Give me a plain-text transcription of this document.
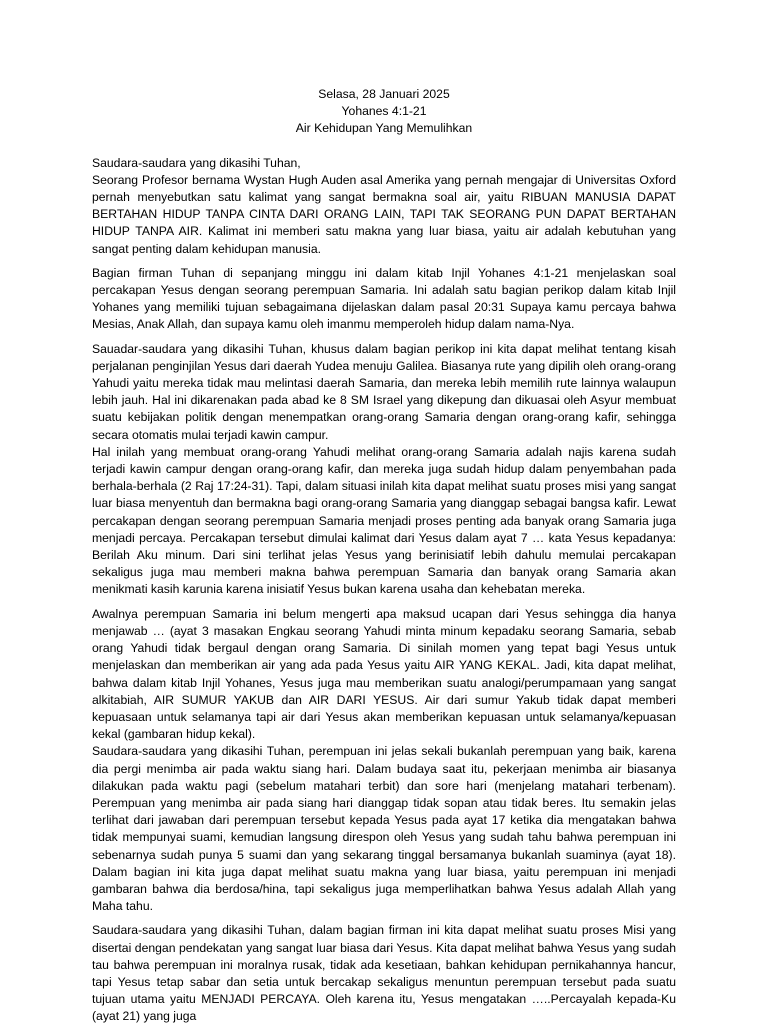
Selasa, 28 Januari 2025
Yohanes 4:1-21
Air Kehidupan Yang Memulihkan

Saudara-saudara yang dikasihi Tuhan,

Seorang Profesor bernama Wystan Hugh Auden asal Amerika yang pernah mengajar di Universitas Oxford pernah menyebutkan satu kalimat yang sangat bermakna soal air, yaitu RIBUAN MANUSIA DAPAT BERTAHAN HIDUP TANPA CINTA DARI ORANG LAIN, TAPI TAK SEORANG PUN DAPAT BERTAHAN HIDUP TANPA AIR. Kalimat ini memberi satu makna yang luar biasa, yaitu air adalah kebutuhan yang sangat penting dalam kehidupan manusia.

Bagian firman Tuhan di sepanjang minggu ini dalam kitab Injil Yohanes 4:1-21 menjelaskan soal percakapan Yesus dengan seorang perempuan Samaria. Ini adalah satu bagian perikop dalam kitab Injil Yohanes yang memiliki tujuan sebagaimana dijelaskan dalam pasal 20:31 Supaya kamu percaya bahwa Mesias, Anak Allah, dan supaya kamu oleh imanmu memperoleh hidup dalam nama-Nya.

Sauadar-saudara yang dikasihi Tuhan, khusus dalam bagian perikop ini kita dapat melihat tentang kisah perjalanan penginjilan Yesus dari daerah Yudea menuju Galilea. Biasanya rute yang dipilih oleh orang-orang Yahudi yaitu mereka tidak mau melintasi daerah Samaria, dan mereka lebih memilih rute lainnya walaupun lebih jauh. Hal ini dikarenakan pada abad ke 8 SM Israel yang dikepung dan dikuasai oleh Asyur membuat suatu kebijakan politik dengan menempatkan orang-orang Samaria dengan orang-orang kafir, sehingga secara otomatis mulai terjadi kawin campur.

Hal inilah yang membuat orang-orang Yahudi melihat orang-orang Samaria adalah najis karena sudah terjadi kawin campur dengan orang-orang kafir, dan mereka juga sudah hidup dalam penyembahan pada berhala-berhala (2 Raj 17:24-31). Tapi, dalam situasi inilah kita dapat melihat suatu proses misi yang sangat luar biasa menyentuh dan bermakna bagi orang-orang Samaria yang dianggap sebagai bangsa kafir. Lewat percakapan dengan seorang perempuan Samaria menjadi proses penting ada banyak orang Samaria juga menjadi percaya. Percakapan tersebut dimulai kalimat dari Yesus dalam ayat 7 … kata Yesus kepadanya: Berilah Aku minum. Dari sini terlihat jelas Yesus yang berinisiatif lebih dahulu memulai percakapan sekaligus juga mau memberi makna bahwa perempuan Samaria dan banyak orang Samaria akan menikmati kasih karunia karena inisiatif Yesus bukan karena usaha dan kehebatan mereka.

Awalnya perempuan Samaria ini belum mengerti apa maksud ucapan dari Yesus sehingga dia hanya menjawab … (ayat 3 masakan Engkau seorang Yahudi minta minum kepadaku seorang Samaria, sebab orang Yahudi tidak bergaul dengan orang Samaria. Di sinilah momen yang tepat bagi Yesus untuk menjelaskan dan memberikan air yang ada pada Yesus yaitu AIR YANG KEKAL. Jadi, kita dapat melihat, bahwa dalam kitab Injil Yohanes, Yesus juga mau memberikan suatu analogi/perumpamaan yang sangat alkitabiah, AIR SUMUR YAKUB dan AIR DARI YESUS. Air dari sumur Yakub tidak dapat memberi kepuasaan untuk selamanya tapi air dari Yesus akan memberikan kepuasan untuk selamanya/kepuasan kekal (gambaran hidup kekal).

Saudara-saudara yang dikasihi Tuhan, perempuan ini jelas sekali bukanlah perempuan yang baik, karena dia pergi menimba air pada waktu siang hari. Dalam budaya saat itu, pekerjaan menimba air biasanya dilakukan pada waktu pagi (sebelum matahari terbit) dan sore hari (menjelang matahari terbenam). Perempuan yang menimba air pada siang hari dianggap tidak sopan atau tidak beres. Itu semakin jelas terlihat dari jawaban dari perempuan tersebut kepada Yesus pada ayat 17 ketika dia mengatakan bahwa tidak mempunyai suami, kemudian langsung direspon oleh Yesus yang sudah tahu bahwa perempuan ini sebenarnya sudah punya 5 suami dan yang sekarang tinggal bersamanya bukanlah suaminya (ayat 18). Dalam bagian ini kita juga dapat melihat suatu makna yang luar biasa, yaitu perempuan ini menjadi gambaran bahwa dia berdosa/hina, tapi sekaligus juga memperlihatkan bahwa Yesus adalah Allah yang Maha tahu.

Saudara-saudara yang dikasihi Tuhan, dalam bagian firman ini kita dapat melihat suatu proses Misi yang disertai dengan pendekatan yang sangat luar biasa dari Yesus. Kita dapat melihat bahwa Yesus yang sudah tau bahwa perempuan ini moralnya rusak, tidak ada kesetiaan, bahkan kehidupan pernikahannya hancur, tapi Yesus tetap sabar dan setia untuk bercakap sekaligus menuntun perempuan tersebut pada suatu tujuan utama yaitu MENJADI PERCAYA. Oleh karena itu, Yesus mengatakan …..Percayalah kepada-Ku (ayat 21) yang juga
